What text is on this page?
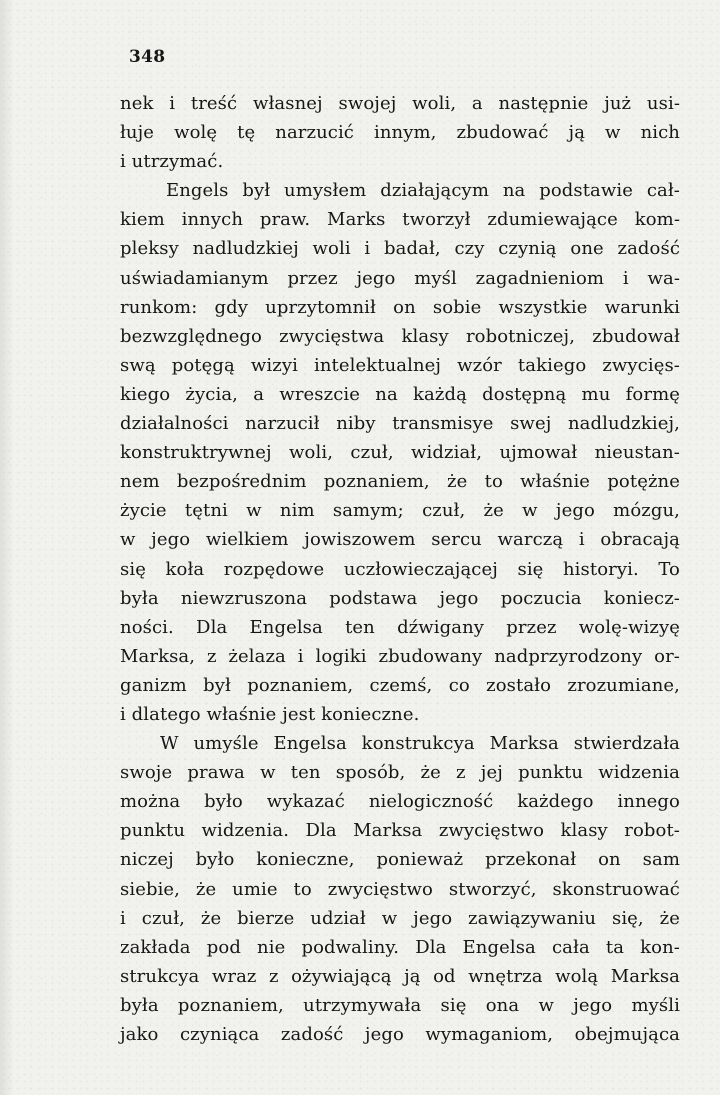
348
nek i treść własnej swojej woli, a następnie już usi-
łuje wolę tę narzucić innym, zbudować ją w nich
i utrzymać.
Engels był umysłem działającym na podstawie cał-
kiem innych praw. Marks tworzył zdumiewające kom-
pleksy nadludzkiej woli i badał, czy czynią one zadość
uświadamianym przez jego myśl zagadnieniom i wa-
runkom: gdy uprzytomnił on sobie wszystkie warunki
bezwzględnego zwycięstwa klasy robotniczej, zbudował
swą potęgą wizyi intelektualnej wzór takiego zwycięs-
kiego życia, a wreszcie na każdą dostępną mu formę
działalności narzucił niby transmisye swej nadludzkiej,
konstruktrywnej woli, czuł, widział, ujmował nieustan-
nem bezpośrednim poznaniem, że to właśnie potężne
życie tętni w nim samym; czuł, że w jego mózgu,
w jego wielkiem jowiszowem sercu warczą i obracają
się koła rozpędowe uczłowieczającej się historyi. To
była niewzruszona podstawa jego poczucia koniecz-
ności. Dla Engelsa ten dźwigany przez wolę-wizyę
Marksa, z żelaza i logiki zbudowany nadprzyrodzony or-
ganizm był poznaniem, czemś, co zostało zrozumiane,
i dlatego właśnie jest konieczne.
W umyśle Engelsa konstrukcya Marksa stwierdzała
swoje prawa w ten sposób, że z jej punktu widzenia
można było wykazać nielogiczność każdego innego
punktu widzenia. Dla Marksa zwycięstwo klasy robot-
niczej było konieczne, ponieważ przekonał on sam
siebie, że umie to zwycięstwo stworzyć, skonstruować
i czuł, że bierze udział w jego zawiązywaniu się, że
zakłada pod nie podwaliny. Dla Engelsa cała ta kon-
strukcya wraz z ożywiającą ją od wnętrza wolą Marksa
była poznaniem, utrzymywała się ona w jego myśli
jako czyniąca zadość jego wymaganiom, obejmująca
